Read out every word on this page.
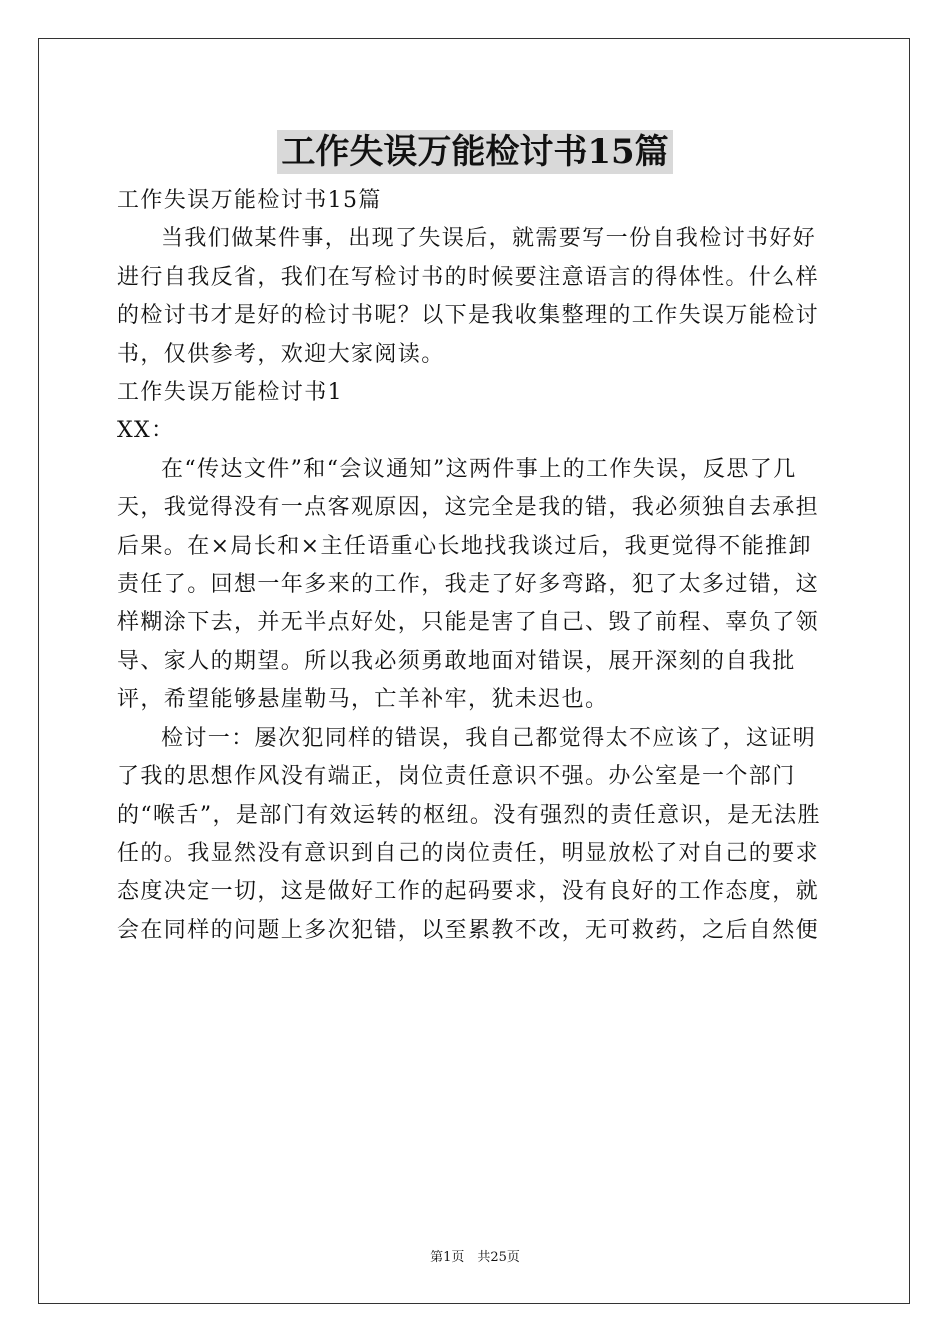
工作失误万能检讨书15篇

工作失误万能检讨书15篇

当我们做某件事，出现了失误后，就需要写一份自我检讨书好好进行自我反省，我们在写检讨书的时候要注意语言的得体性。什么样的检讨书才是好的检讨书呢？以下是我收集整理的工作失误万能检讨书，仅供参考，欢迎大家阅读。

工作失误万能检讨书1

XX：

在“传达文件”和“会议通知”这两件事上的工作失误，反思了几天，我觉得没有一点客观原因，这完全是我的错，我必须独自去承担后果。在×局长和×主任语重心长地找我谈过后，我更觉得不能推卸责任了。回想一年多来的工作，我走了好多弯路，犯了太多过错，这样糊涂下去，并无半点好处，只能是害了自己、毁了前程、辜负了领导、家人的期望。所以我必须勇敢地面对错误，展开深刻的自我批评，希望能够悬崖勒马，亡羊补牢，犹未迟也。

检讨一：屡次犯同样的错误，我自己都觉得太不应该了，这证明了我的思想作风没有端正，岗位责任意识不强。办公室是一个部门的“喉舌”，是部门有效运转的枢纽。没有强烈的责任意识，是无法胜任的。我显然没有意识到自己的岗位责任，明显放松了对自己的要求态度决定一切，这是做好工作的起码要求，没有良好的工作态度，就会在同样的问题上多次犯错，以至累教不改，无可救药，之后自然便

第1页　共25页
